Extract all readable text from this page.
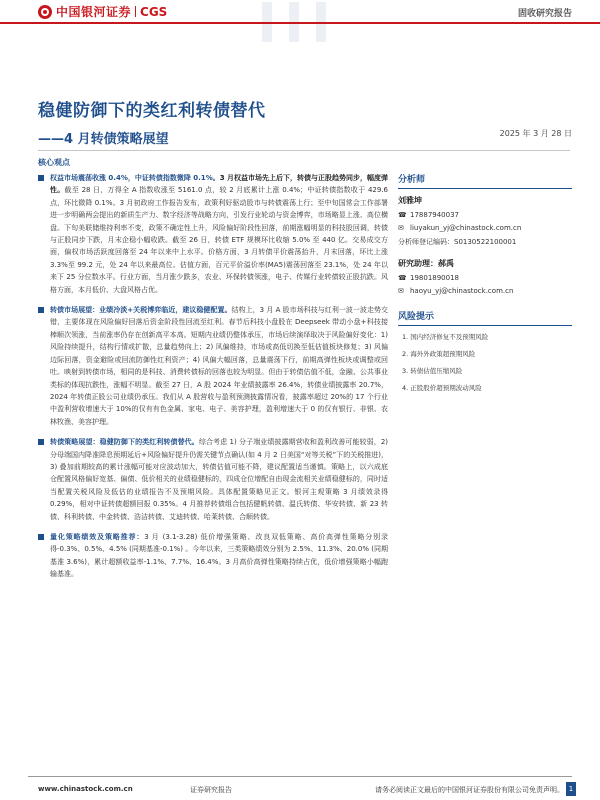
中国银河证券 CGS	固收研究报告
稳健防御下的类红利转债替代
——4 月转债策略展望	2025 年 3 月 28 日
核心观点
权益市场震荡收涨 0.4%，中证转债指数微降 0.1%。3 月权益市场先上后下，转债与正股趋势同步，幅度弹性。截至 28 日，万得全 A 指数收涨至 5161.0 点，较 2 月底累计上涨 0.4%；中证转债指数收于 429.6 点，环比微降 0.1%。3 月初政府工作报告发布，政策利好驱动股市与转债震荡上行；至中旬国常会工作部署进一步明确两会提出的新质生产力、数字经济等战略方向，引发行业轮动与资金博弈，市场略显上涨、高位横盘。下旬美联储维持利率不变，政策不确定性上升，风险偏好阶段性回落，前期涨幅明显的科技股回调，转债与正股同步下跌，月末企稳小幅收跌。截至 26 日，转债 ETF 规模环比收缩 5.0% 至 440 亿。交易成交方面，偏权市场活跃度回落至 24 年以来中上水平。价格方面，3 月转债平价震荡抬升，月末回落，环比上涨 3.3%至 99.2 元，处 24 年以来最高位。估值方面，百元平价溢价率(MA5)震荡回落至 23.1%，处 24 年以来下 25 分位数水平。行业方面，当月涨少跌多，农业、环保转债领涨，电子、传媒行业转债较正股抗跌。风格方面，本月低价、大盘风格占优。
转债市场展望：业绩冷淡+关税博弈临近，建议稳健配置。结构上，3 月 A 股市场科技与红利一波一波走势交错，主要体现在风险偏好回落后资金阶段性回流至红利。春节后科技小盘股在 Deepseek 带动小盘+科技接棒顺次领涨，当前涨率仍存在创新高平本高。短期内业绩仍整体承压，市场后续演绎取决于风险偏好变化：1) 风险持续提升，结构行情或扩散，总量趋势向上；2) 风偏维持，市场或高低切换至低估值板块修复；3) 风偏边际回落，资金避险或回流防御性红利资产；4) 风偏大幅回落，总量震荡下行，前期高弹性板块或调整或回吐。映射到转债市场，相同的是科技、消费转债标的回落也较为明显。但由于转债估值不低，金融、公共事业类标的体现抗跌性，涨幅不明显。截至 27 日，A 股 2024 年业绩披露率 26.4%，转债业绩披露率 20.7%，2024 年转债正股公司业绩仍承压。我们从 A 股营收与盈利预测披露情况看，披露率超过 20%的 17 个行业中盈利营收增速大于 10%的仅有有色金属、家电、电子、美容护理，盈利增速大于 0 的仅有银行、非银、农林牧渔、美容护理。
转债策略展望：稳健防御下的类红利转债替代。综合考虑 1) 分子端业绩披露期营收和盈利改善可能较弱，2) 分母端国内降准降息预期延后+风险偏好提升仍需关键节点确认(如 4 月 2 日美国“对等关税”下的关税推进)，3) 叠加前期较高的累计涨幅可能对应波动加大，转债估值可能不降，建议配置适当谨慎。策略上，以六成底仓配置风格偏好宽基、偏债、低价相关的业绩稳健标的，四成仓位增配自由现金流相关业绩稳健标的，同时适当配置关税风险及低估的业绩报告不及预期风险。具体配置策略见正文。银河主观策略 3 月绩效录得 0.29%，相对中证转债超额回报 0.35%。4 月推荐转债组合包括健帆转债、温氏转债、华安转债、新 23 转债、科利转债、中金转债、浩洁转债、艾迪转债、哈莱转债、合顺转债。
量化策略绩效及策略推荐：3 月 (3.1-3.28) 低价增强策略、改良双低策略、高价高弹性策略分别录得-0.3%、0.5%、4.5% (同期基准-0.1%) 。今年以来，三类策略绩效分别为 2.5%、11.3%、20.0% (同期基准 3.6%)，累计超额收益率-1.1%、7.7%、16.4%。3 月高价高弹性策略持续占优，低价增强策略小幅跑输基准。
分析师
刘雅坤
☎ 17887940037
✉ liuyakun_yj@chinastock.com.cn
分析师登记编码：S0130522100001
研究助理：郝禹
☎ 19801890018
✉ haoyu_yj@chinastock.com.cn
风险提示
1. 国内经济修复不及预期风险
2. 海外外政策超预期风险
3. 转债估值压缩风险
4. 正股股价超预期波动风险
www.chinastock.com.cn	证券研究报告	请务必阅读正文最后的中国银河证券股份有限公司免责声明。 1
